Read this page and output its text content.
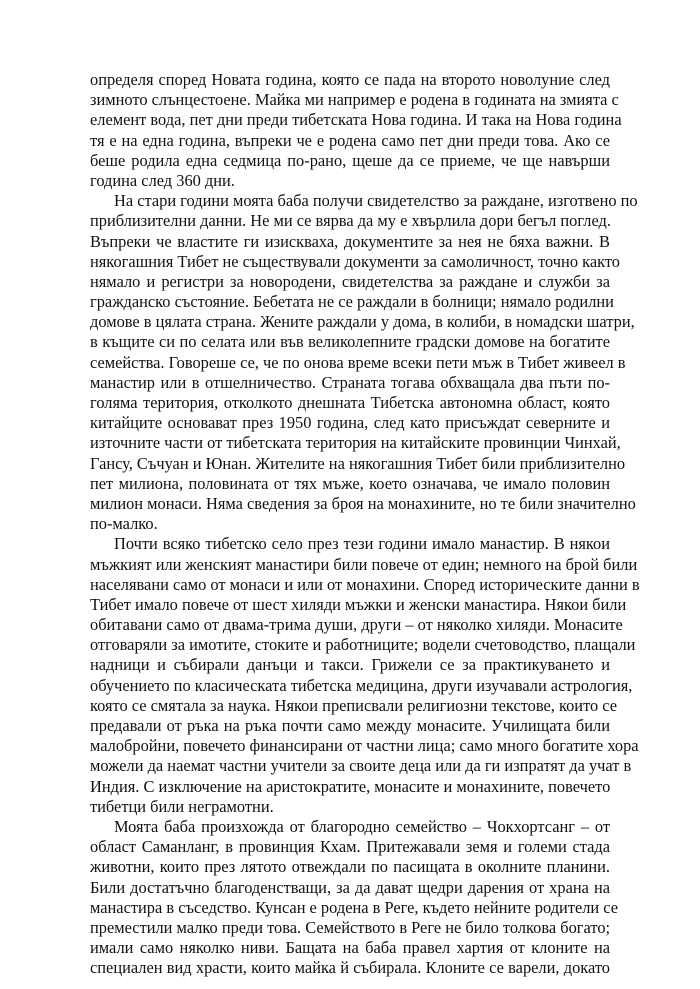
определя според Новата година, която се пада на второто новолуние след
зимното слънцестоене. Майка ми например е родена в годината на змията с
елемент вода, пет дни преди тибетската Нова година. И така на Нова година
тя е на една година, въпреки че е родена само пет дни преди това. Ако се
беше родила една седмица по-рано, щеше да се приеме, че ще навърши
година след 360 дни.
На стари години моята баба получи свидетелство за раждане, изготвено по
приблизителни данни. Не ми се вярва да му е хвърлила дори бегъл поглед.
Въпреки че властите ги изискваха, документите за нея не бяха важни. В
някогашния Тибет не съществували документи за самоличност, точно както
нямало и регистри за новородени, свидетелства за раждане и служби за
гражданско състояние. Бебетата не се раждали в болници; нямало родилни
домове в цялата страна. Жените раждали у дома, в колиби, в номадски шатри,
в къщите си по селата или във великолепните градски домове на богатите
семейства. Говореше се, че по онова време всеки пети мъж в Тибет живеел в
манастир или в отшелничество. Страната тогава обхващала два пъти по-
голяма територия, отколкото днешната Тибетска автономна област, която
китайците основават през 1950 година, след като присъждат северните и
източните части от тибетската територия на китайските провинции Чинхай,
Гансу, Съчуан и Юнан. Жителите на някогашния Тибет били приблизително
пет милиона, половината от тях мъже, което означава, че имало половин
милион монаси. Няма сведения за броя на монахините, но те били значително
по-малко.
Почти всяко тибетско село през тези години имало манастир. В някои
мъжкият или женският манастири били повече от един; немного на брой били
населявани само от монаси и или от монахини. Според историческите данни в
Тибет имало повече от шест хиляди мъжки и женски манастира. Някои били
обитавани само от двама-трима души, други – от няколко хиляди. Монасите
отговаряли за имотите, стоките и работниците; водели счетоводство, плащали
надници и събирали данъци и такси. Грижели се за практикуването и
обучението по класическата тибетска медицина, други изучавали астрология,
която се смятала за наука. Някои преписвали религиозни текстове, които се
предавали от ръка на ръка почти само между монасите. Училищата били
малобройни, повечето финансирани от частни лица; само много богатите хора
можели да наемат частни учители за своите деца или да ги изпратят да учат в
Индия. С изключение на аристократите, монасите и монахините, повечето
тибетци били неграмотни.
Моята баба произхожда от благородно семейство – Чокхортсанг – от
област Саманланг, в провинция Кхам. Притежавали земя и големи стада
животни, които през лятото отвеждали по пасищата в околните планини.
Били достатъчно благоденстващи, за да дават щедри дарения от храна на
манастира в съседство. Кунсан е родена в Реге, където нейните родители се
преместили малко преди това. Семейството в Реге не било толкова богато;
имали само няколко ниви. Бащата на баба правел хартия от клоните на
специален вид храсти, които майка й събирала. Клоните се варели, докато
